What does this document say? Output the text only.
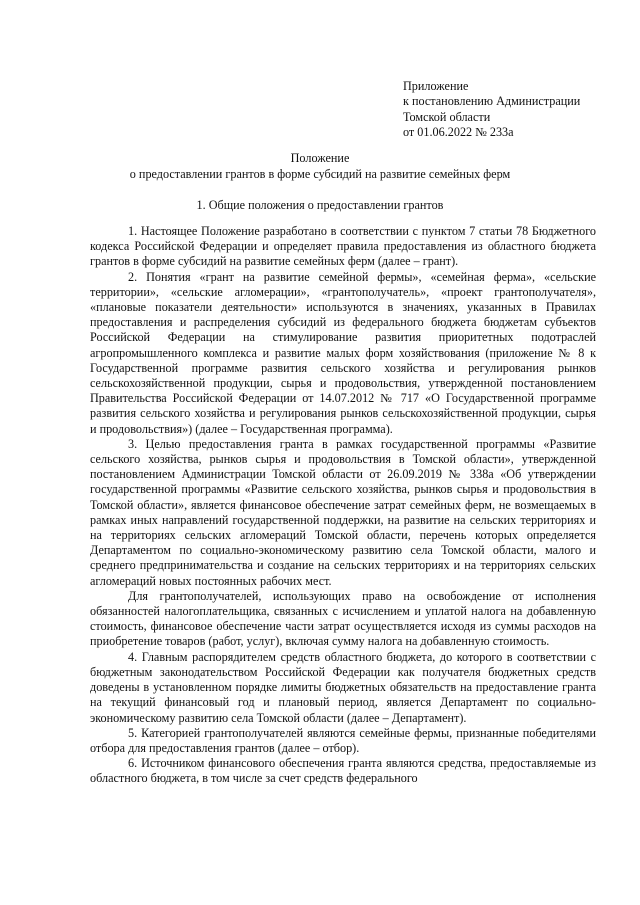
Приложение
к постановлению Администрации
Томской области
от 01.06.2022 № 233а
Положение
о предоставлении грантов в форме субсидий на развитие семейных ферм
1. Общие положения о предоставлении грантов

1. Настоящее Положение разработано в соответствии с пунктом 7 статьи 78 Бюджетного кодекса Российской Федерации и определяет правила предоставления из областного бюджета грантов в форме субсидий на развитие семейных ферм (далее – грант).

2. Понятия «грант на развитие семейной фермы», «семейная ферма», «сельские территории», «сельские агломерации», «грантополучатель», «проект грантополучателя», «плановые показатели деятельности» используются в значениях, указанных в Правилах предоставления и распределения субсидий из федерального бюджета бюджетам субъектов Российской Федерации на стимулирование развития приоритетных подотраслей агропромышленного комплекса и развитие малых форм хозяйствования (приложение № 8 к Государственной программе развития сельского хозяйства и регулирования рынков сельскохозяйственной продукции, сырья и продовольствия, утвержденной постановлением Правительства Российской Федерации от 14.07.2012 № 717 «О Государственной программе развития сельского хозяйства и регулирования рынков сельскохозяйственной продукции, сырья и продовольствия») (далее – Государственная программа).

3. Целью предоставления гранта в рамках государственной программы «Развитие сельского хозяйства, рынков сырья и продовольствия в Томской области», утвержденной постановлением Администрации Томской области от 26.09.2019 № 338а «Об утверждении государственной программы «Развитие сельского хозяйства, рынков сырья и продовольствия в Томской области», является финансовое обеспечение затрат семейных ферм, не возмещаемых в рамках иных направлений государственной поддержки, на развитие на сельских территориях и на территориях сельских агломераций Томской области, перечень которых определяется Департаментом по социально-экономическому развитию села Томской области, малого и среднего предпринимательства и создание на сельских территориях и на территориях сельских агломераций новых постоянных рабочих мест.

Для грантополучателей, использующих право на освобождение от исполнения обязанностей налогоплательщика, связанных с исчислением и уплатой налога на добавленную стоимость, финансовое обеспечение части затрат осуществляется исходя из суммы расходов на приобретение товаров (работ, услуг), включая сумму налога на добавленную стоимость.

4. Главным распорядителем средств областного бюджета, до которого в соответствии с бюджетным законодательством Российской Федерации как получателя бюджетных средств доведены в установленном порядке лимиты бюджетных обязательств на предоставление гранта на текущий финансовый год и плановый период, является Департамент по социально-экономическому развитию села Томской области (далее – Департамент).

5. Категорией грантополучателей являются семейные фермы, признанные победителями отбора для предоставления грантов (далее – отбор).

6. Источником финансового обеспечения гранта являются средства, предоставляемые из областного бюджета, в том числе за счет средств федерального
